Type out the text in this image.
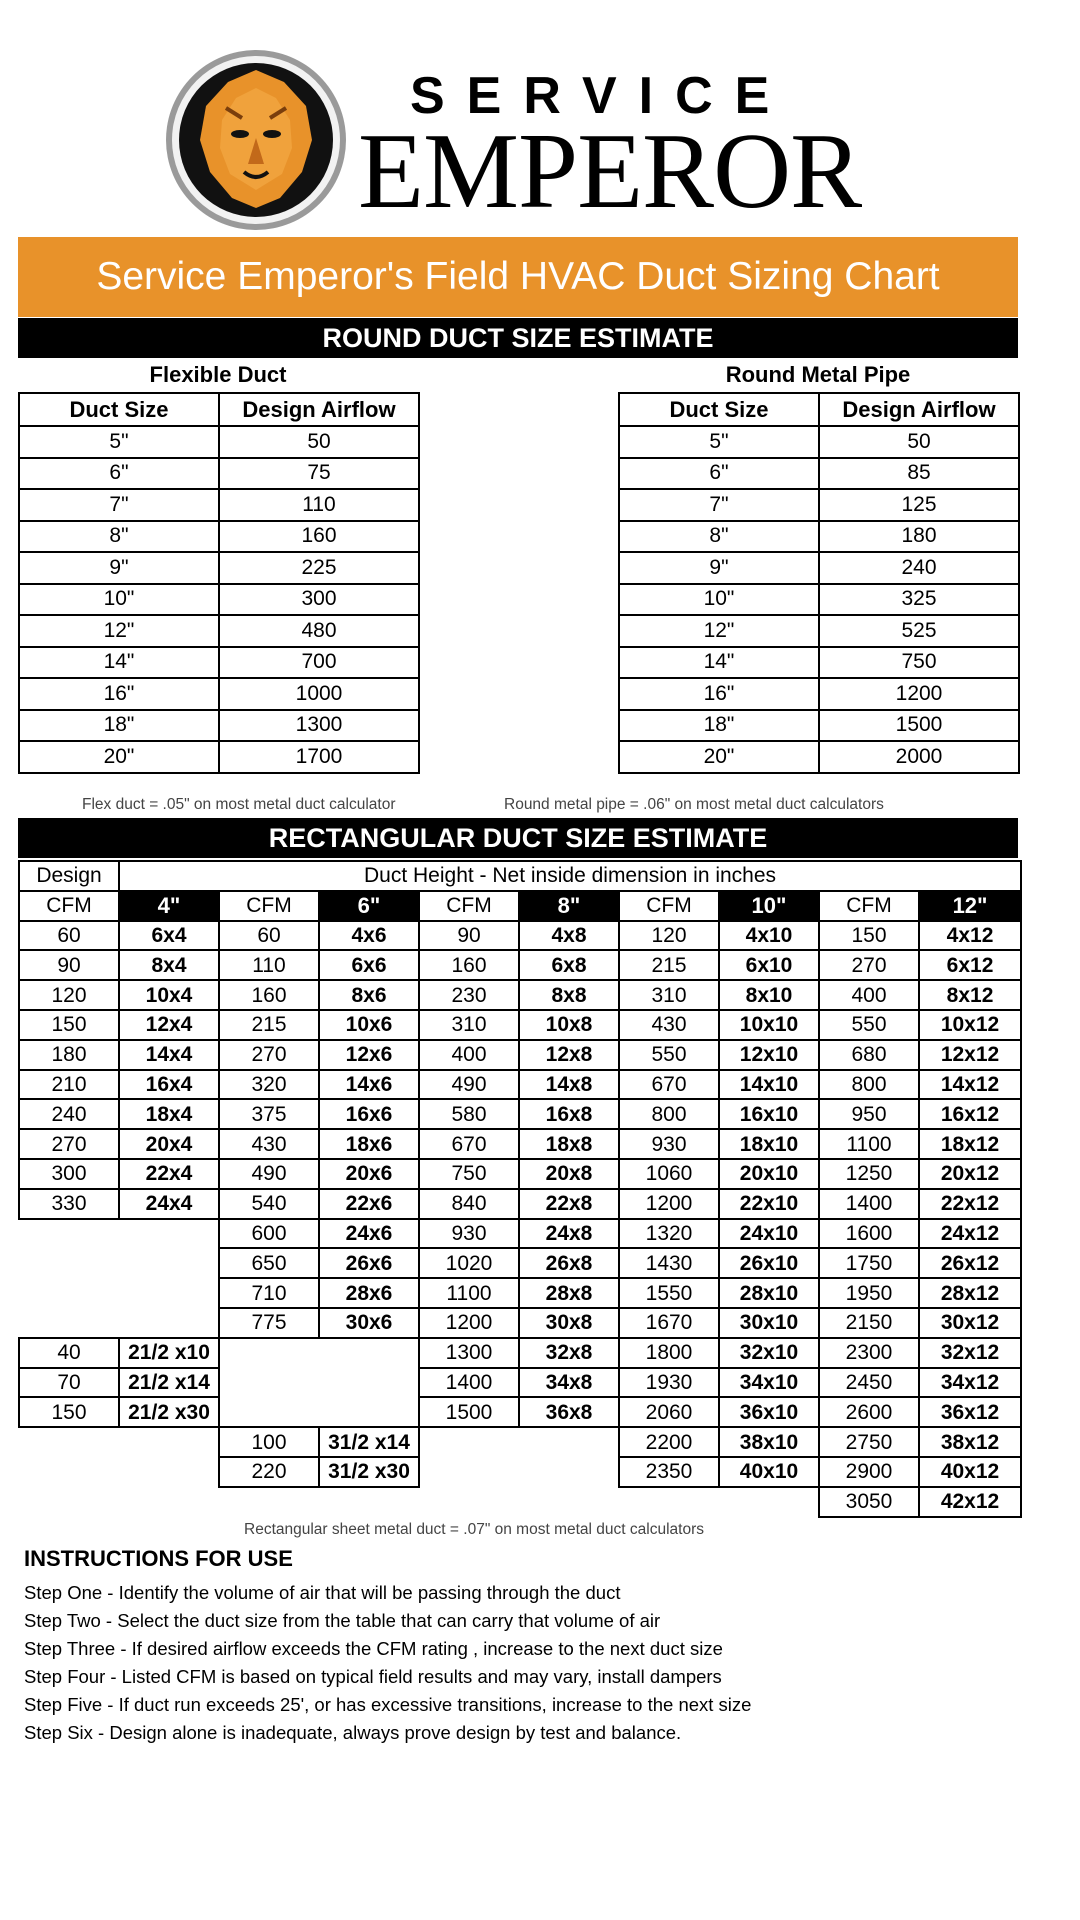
SERVICE
EMPEROR
Service Emperor's Field HVAC Duct Sizing Chart
ROUND DUCT SIZE ESTIMATE
Flexible Duct	Round Metal Pipe
Duct Size	Design Airflow
5"	50
6"	75
7"	110
8"	160
9"	225
10"	300
12"	480
14"	700
16"	1000
18"	1300
20"	1700
Duct Size	Design Airflow
5"	50
6"	85
7"	125
8"	180
9"	240
10"	325
12"	525
14"	750
16"	1200
18"	1500
20"	2000
Flex duct = .05" on most metal duct calculator	Round metal pipe = .06" on most metal duct calculators
RECTANGULAR DUCT SIZE ESTIMATE
Design	Duct Height - Net inside dimension in inches								
CFM	4"	CFM	6"	CFM	8"	CFM	10"	CFM	12"
60	6x4	60	4x6	90	4x8	120	4x10	150	4x12
90	8x4	110	6x6	160	6x8	215	6x10	270	6x12
120	10x4	160	8x6	230	8x8	310	8x10	400	8x12
150	12x4	215	10x6	310	10x8	430	10x10	550	10x12
180	14x4	270	12x6	400	12x8	550	12x10	680	12x12
210	16x4	320	14x6	490	14x8	670	14x10	800	14x12
240	18x4	375	16x6	580	16x8	800	16x10	950	16x12
270	20x4	430	18x6	670	18x8	930	18x10	1100	18x12
300	22x4	490	20x6	750	20x8	1060	20x10	1250	20x12
330	24x4	540	22x6	840	22x8	1200	22x10	1400	22x12
		600	24x6	930	24x8	1320	24x10	1600	24x12
		650	26x6	1020	26x8	1430	26x10	1750	26x12
		710	28x6	1100	28x8	1550	28x10	1950	28x12
		775	30x6	1200	30x8	1670	30x10	2150	30x12
40	21/2 x10			1300	32x8	1800	32x10	2300	32x12
70	21/2 x14			1400	34x8	1930	34x10	2450	34x12
150	21/2 x30			1500	36x8	2060	36x10	2600	36x12
		100	31/2 x14			2200	38x10	2750	38x12
		220	31/2 x30			2350	40x10	2900	40x12
								3050	42x12
Rectangular sheet metal duct = .07" on most metal duct calculators
INSTRUCTIONS FOR USE
Step One - Identify the volume of air that will be passing through the duct
Step Two - Select the duct size from the table that can carry that volume of air
Step Three - If desired airflow exceeds the CFM rating , increase to the next duct size
Step Four - Listed CFM is based on typical field results and may vary, install dampers
Step Five - If duct run exceeds 25', or has excessive transitions, increase to the next size
Step Six - Design alone is inadequate, always prove design by test and balance.
